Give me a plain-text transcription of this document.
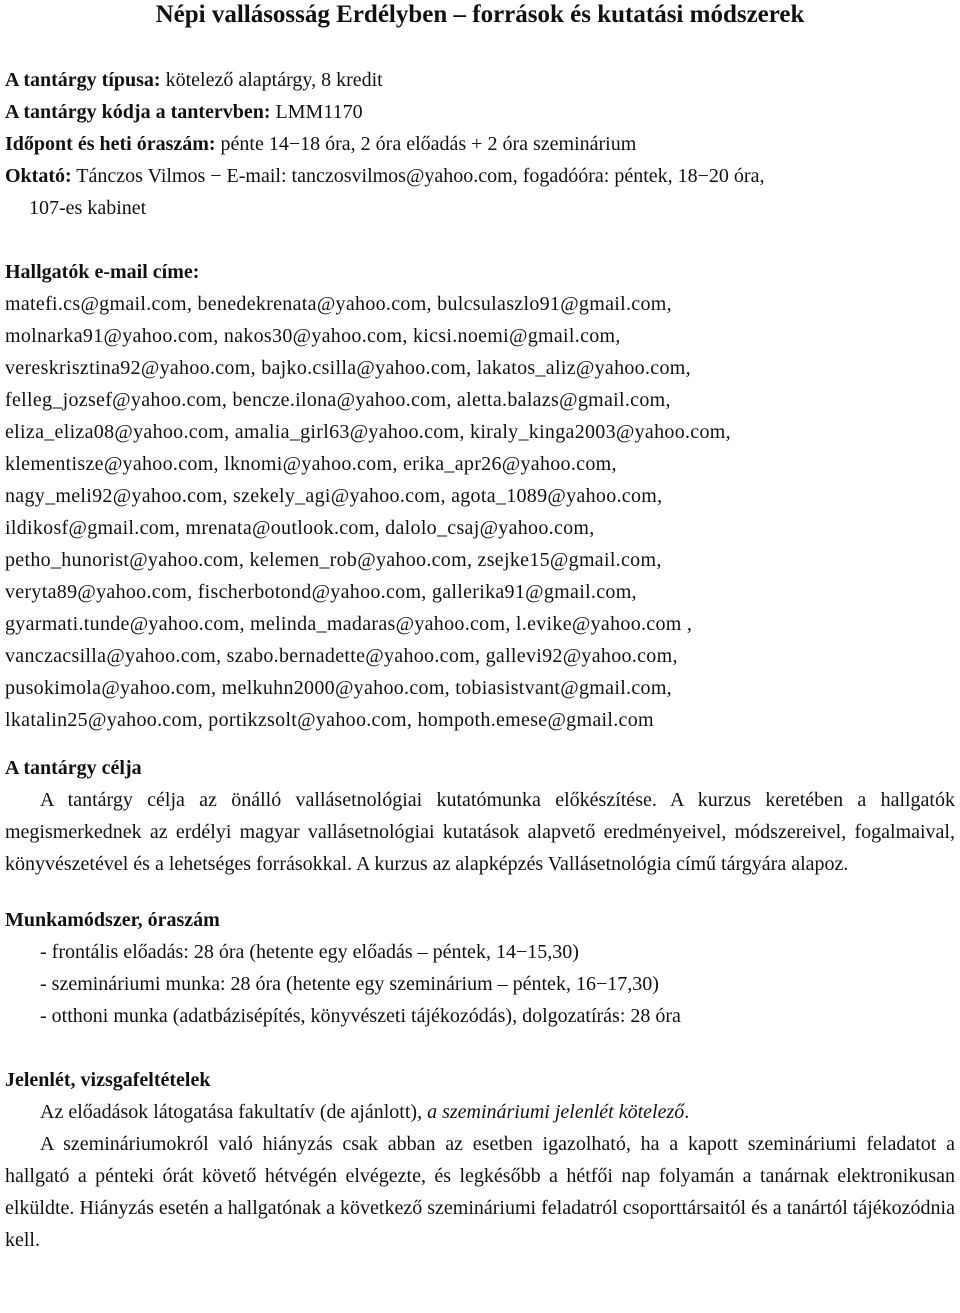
Népi vallásosság Erdélyben – források és kutatási módszerek
A tantárgy típusa: kötelező alaptárgy, 8 kredit
A tantárgy kódja a tantervben: LMM1170
Időpont és heti óraszám: pénte 14−18 óra, 2 óra előadás + 2 óra szeminárium
Oktató: Tánczos Vilmos − E-mail: tanczosvilmos@yahoo.com, fogadóóra: péntek, 18−20 óra,
107-es kabinet
Hallgatók e-mail címe:
matefi.cs@gmail.com, benedekrenata@yahoo.com, bulcsulaszlo91@gmail.com,
molnarka91@yahoo.com, nakos30@yahoo.com, kicsi.noemi@gmail.com,
vereskrisztina92@yahoo.com, bajko.csilla@yahoo.com, lakatos_aliz@yahoo.com,
felleg_jozsef@yahoo.com, bencze.ilona@yahoo.com, aletta.balazs@gmail.com,
eliza_eliza08@yahoo.com, amalia_girl63@yahoo.com, kiraly_kinga2003@yahoo.com,
klementisze@yahoo.com, lknomi@yahoo.com, erika_apr26@yahoo.com,
nagy_meli92@yahoo.com, szekely_agi@yahoo.com, agota_1089@yahoo.com,
ildikosf@gmail.com, mrenata@outlook.com, dalolo_csaj@yahoo.com,
petho_hunorist@yahoo.com, kelemen_rob@yahoo.com, zsejke15@gmail.com,
veryta89@yahoo.com, fischerbotond@yahoo.com, gallerika91@gmail.com,
gyarmati.tunde@yahoo.com, melinda_madaras@yahoo.com, l.evike@yahoo.com ,
vanczacsilla@yahoo.com, szabo.bernadette@yahoo.com, gallevi92@yahoo.com,
pusokimola@yahoo.com, melkuhn2000@yahoo.com, tobiasistvant@gmail.com,
lkatalin25@yahoo.com, portikzsolt@yahoo.com, hompoth.emese@gmail.com
A tantárgy célja
A tantárgy célja az önálló vallásetnológiai kutatómunka előkészítése. A kurzus keretében a hallgatók megismerkednek az erdélyi magyar vallásetnológiai kutatások alapvető eredményeivel, módszereivel, fogalmaival, könyvészetével és a lehetséges forrásokkal. A kurzus az alapképzés Vallásetnológia című tárgyára alapoz.
Munkamódszer, óraszám
- frontális előadás: 28 óra (hetente egy előadás – péntek, 14−15,30)
- szemináriumi munka: 28 óra (hetente egy szeminárium – péntek, 16−17,30)
- otthoni munka (adatbázisépítés, könyvészeti tájékozódás), dolgozatírás: 28 óra
Jelenlét, vizsgafeltételek
Az előadások látogatása fakultatív (de ajánlott), a szemináriumi jelenlét kötelező.
A szemináriumokról való hiányzás csak abban az esetben igazolható, ha a kapott szemináriumi feladatot a hallgató a pénteki órát követő hétvégén elvégezte, és legkésőbb a hétfői nap folyamán a tanárnak elektronikusan elküldte. Hiányzás esetén a hallgatónak a következő szemináriumi feladatról csoporttársaitól és a tanártól tájékozódnia kell.
